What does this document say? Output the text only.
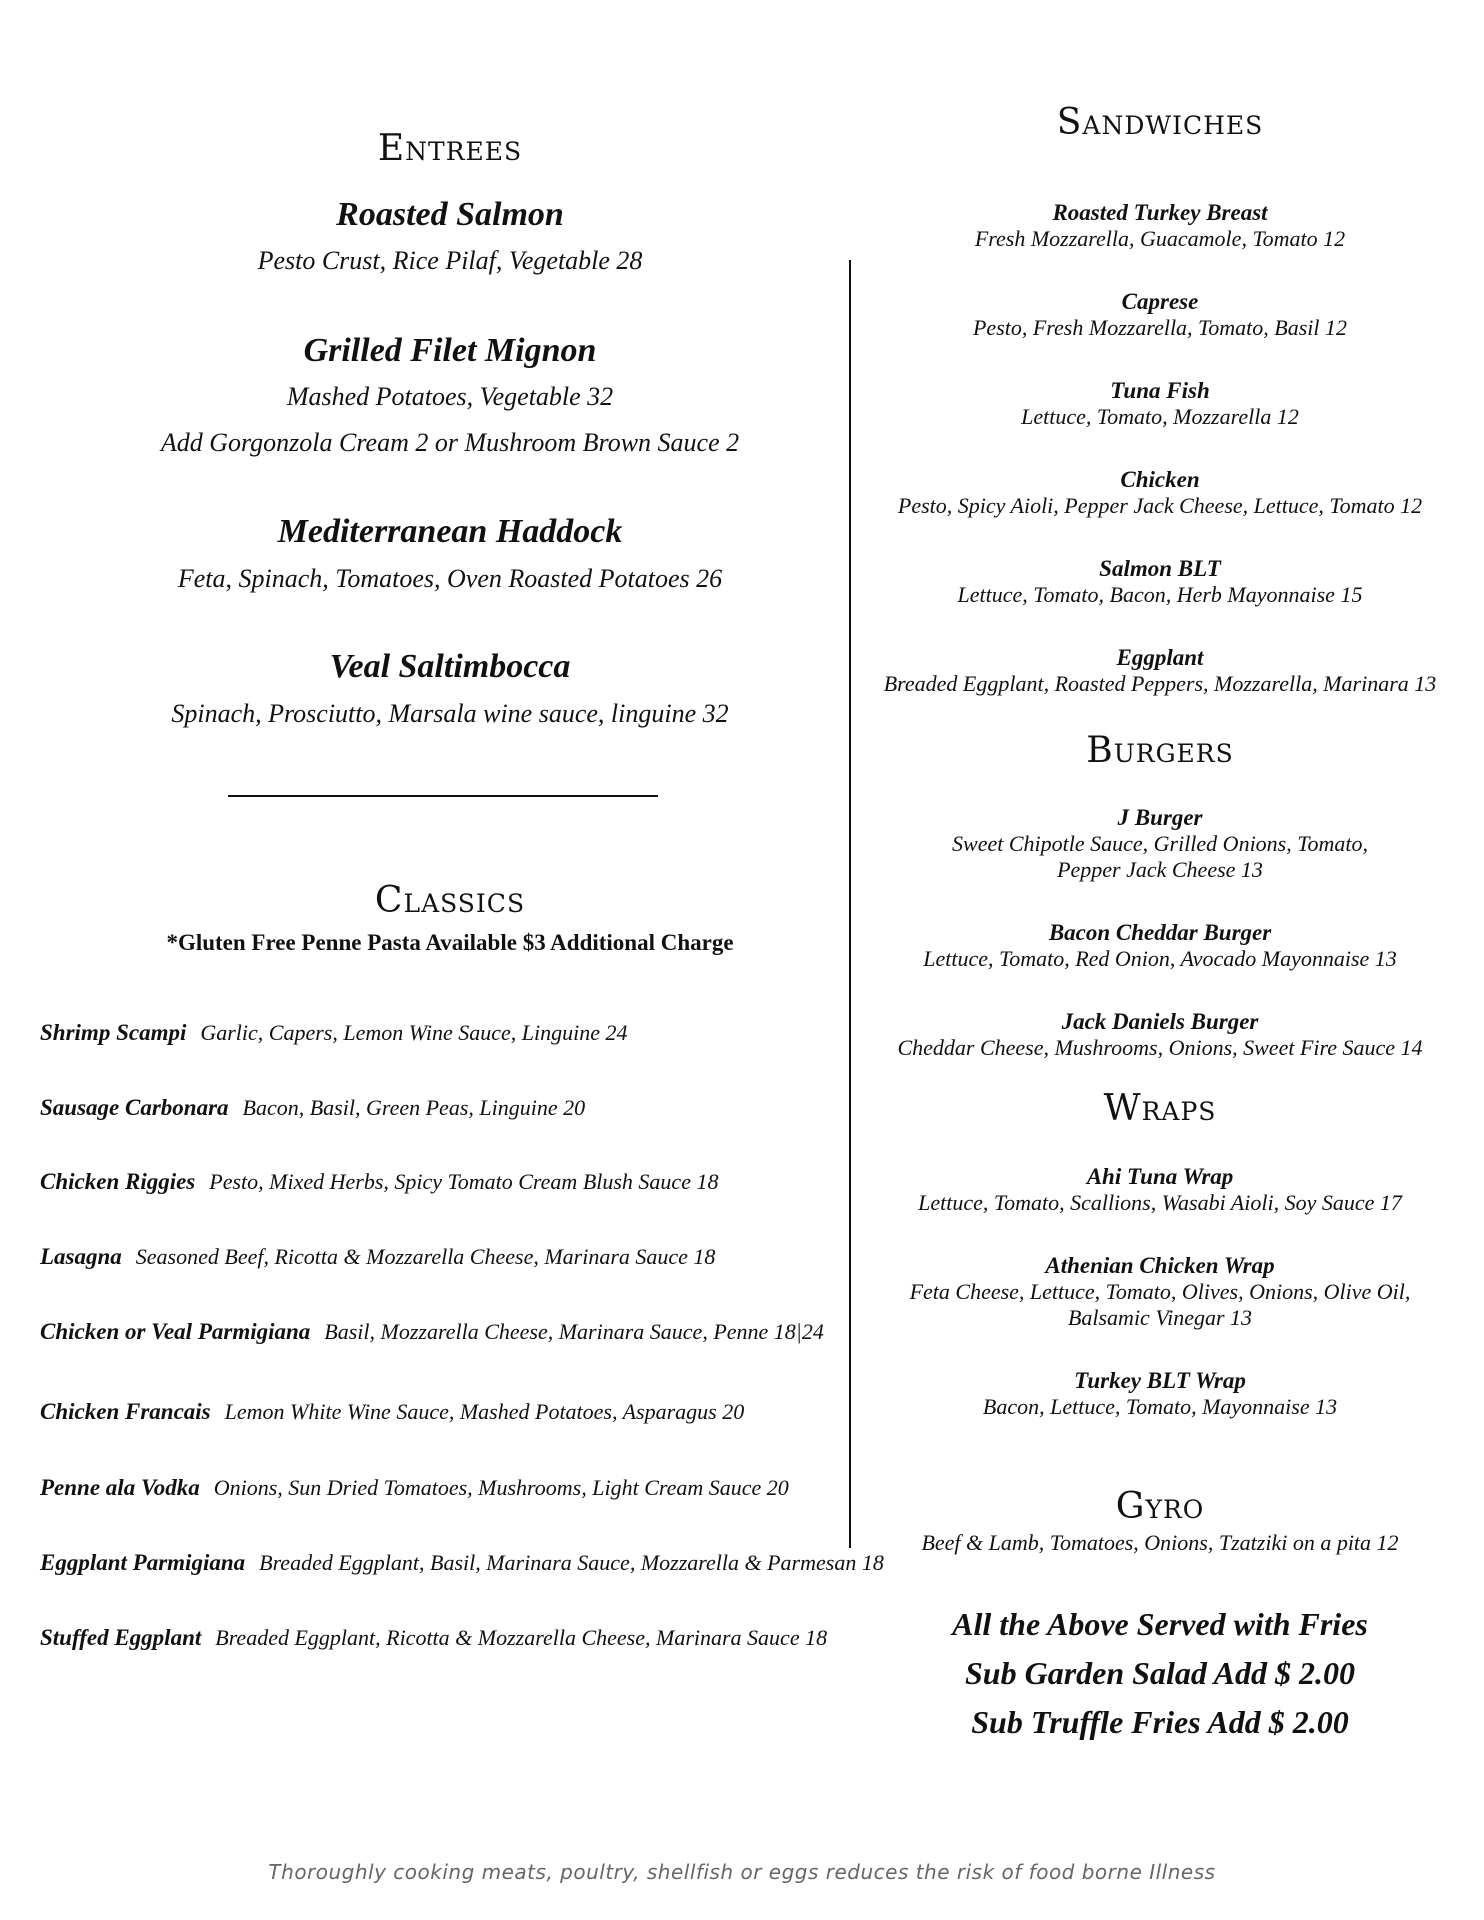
Entrees
Roasted Salmon
Pesto Crust, Rice Pilaf, Vegetable 28
Grilled Filet Mignon
Mashed Potatoes, Vegetable 32
Add Gorgonzola Cream 2 or Mushroom Brown Sauce 2
Mediterranean Haddock
Feta, Spinach, Tomatoes, Oven Roasted Potatoes 26
Veal Saltimbocca
Spinach, Prosciutto, Marsala wine sauce, linguine 32
Classics
*Gluten Free Penne Pasta Available $3 Additional Charge
Shrimp Scampi Garlic, Capers, Lemon Wine Sauce, Linguine 24
Sausage Carbonara Bacon, Basil, Green Peas, Linguine 20
Chicken Riggies Pesto, Mixed Herbs, Spicy Tomato Cream Blush Sauce 18
Lasagna Seasoned Beef, Ricotta & Mozzarella Cheese, Marinara Sauce 18
Chicken or Veal Parmigiana Basil, Mozzarella Cheese, Marinara Sauce, Penne 18|24
Chicken Francais Lemon White Wine Sauce, Mashed Potatoes, Asparagus 20
Penne ala Vodka Onions, Sun Dried Tomatoes, Mushrooms, Light Cream Sauce 20
Eggplant Parmigiana Breaded Eggplant, Basil, Marinara Sauce, Mozzarella & Parmesan 18
Stuffed Eggplant Breaded Eggplant, Ricotta & Mozzarella Cheese, Marinara Sauce 18
Sandwiches
Roasted Turkey Breast
Fresh Mozzarella, Guacamole, Tomato 12
Caprese
Pesto, Fresh Mozzarella, Tomato, Basil 12
Tuna Fish
Lettuce, Tomato, Mozzarella 12
Chicken
Pesto, Spicy Aioli, Pepper Jack Cheese, Lettuce, Tomato 12
Salmon BLT
Lettuce, Tomato, Bacon, Herb Mayonnaise 15
Eggplant
Breaded Eggplant, Roasted Peppers, Mozzarella, Marinara 13
Burgers
J Burger
Sweet Chipotle Sauce, Grilled Onions, Tomato,
Pepper Jack Cheese 13
Bacon Cheddar Burger
Lettuce, Tomato, Red Onion, Avocado Mayonnaise 13
Jack Daniels Burger
Cheddar Cheese, Mushrooms, Onions, Sweet Fire Sauce 14
Wraps
Ahi Tuna Wrap
Lettuce, Tomato, Scallions, Wasabi Aioli, Soy Sauce 17
Athenian Chicken Wrap
Feta Cheese, Lettuce, Tomato, Olives, Onions, Olive Oil,
Balsamic Vinegar 13
Turkey BLT Wrap
Bacon, Lettuce, Tomato, Mayonnaise 13
Gyro
Beef & Lamb, Tomatoes, Onions, Tzatziki on a pita 12
All the Above Served with Fries
Sub Garden Salad Add $ 2.00
Sub Truffle Fries Add $ 2.00
Thoroughly cooking meats, poultry, shellfish or eggs reduces the risk of food borne Illness
